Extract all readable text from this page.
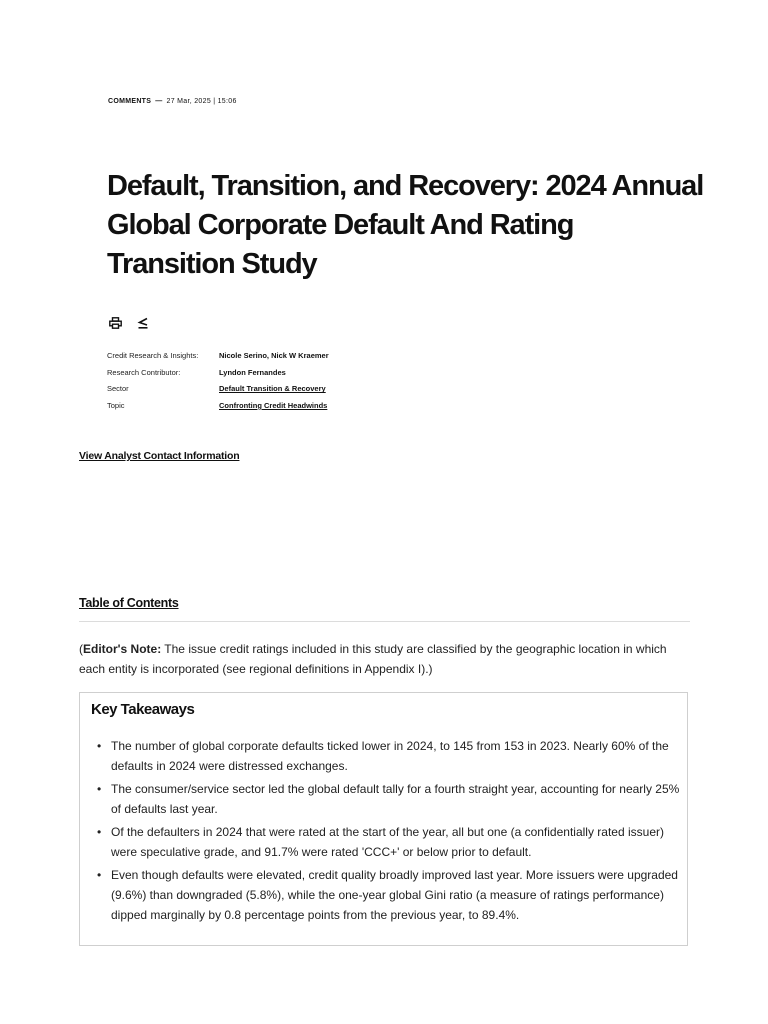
COMMENTS — 27 Mar, 2025 | 15:06
Default, Transition, and Recovery: 2024 Annual Global Corporate Default And Rating Transition Study
Credit Research & Insights:	Nicole Serino, Nick W Kraemer
Research Contributor:	Lyndon Fernandes
Sector	Default Transition & Recovery
Topic	Confronting Credit Headwinds
View Analyst Contact Information
Table of Contents

(Editor's Note: The issue credit ratings included in this study are classified by the geographic location in which each entity is incorporated (see regional definitions in Appendix I).)

Key Takeaways
• The number of global corporate defaults ticked lower in 2024, to 145 from 153 in 2023. Nearly 60% of the defaults in 2024 were distressed exchanges.
• The consumer/service sector led the global default tally for a fourth straight year, accounting for nearly 25% of defaults last year.
• Of the defaulters in 2024 that were rated at the start of the year, all but one (a confidentially rated issuer) were speculative grade, and 91.7% were rated 'CCC+' or below prior to default.
• Even though defaults were elevated, credit quality broadly improved last year. More issuers were upgraded (9.6%) than downgraded (5.8%), while the one-year global Gini ratio (a measure of ratings performance) dipped marginally by 0.8 percentage points from the previous year, to 89.4%.
